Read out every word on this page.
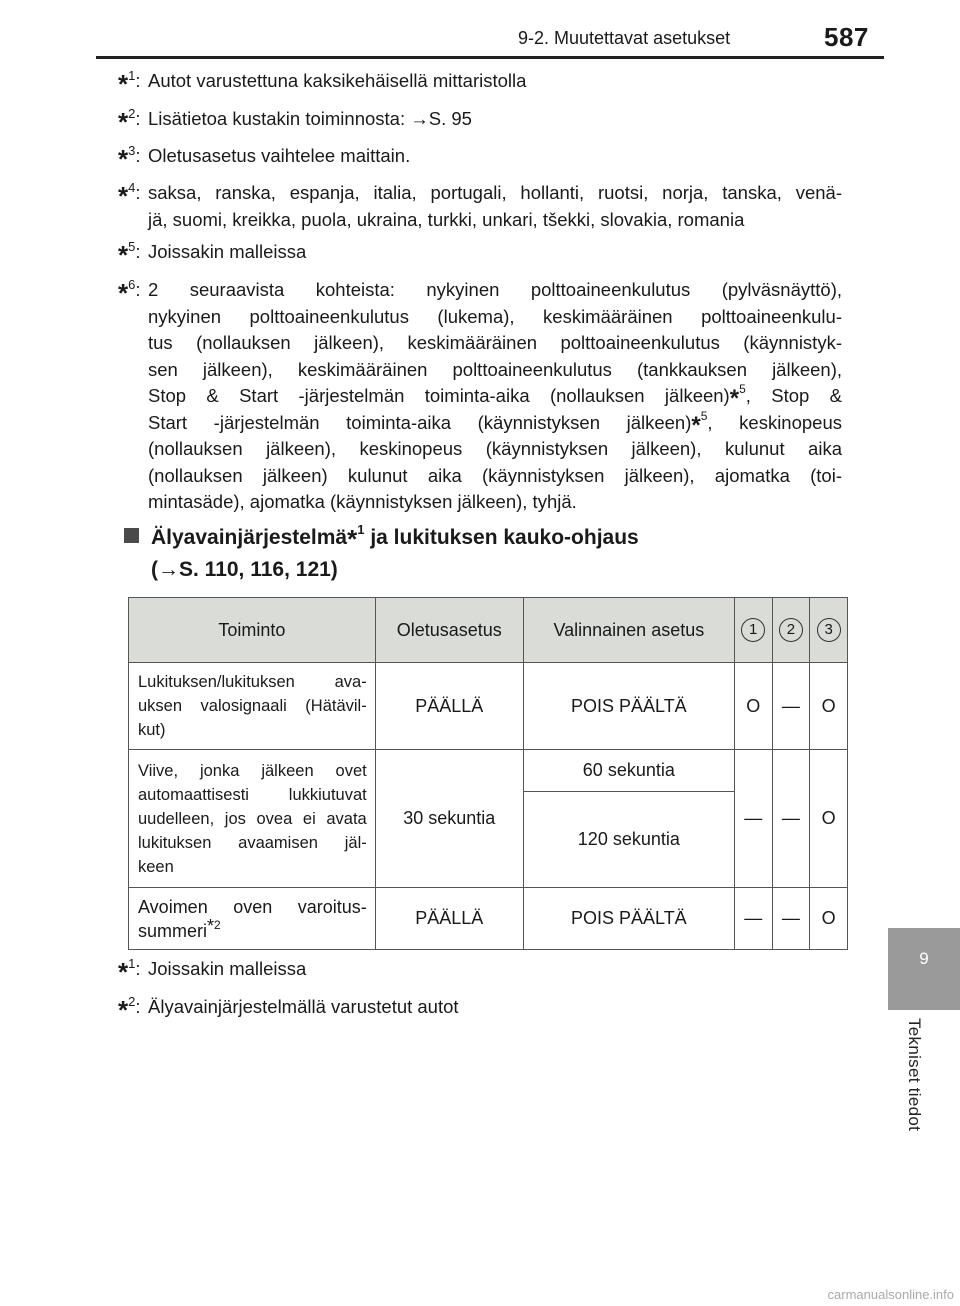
9-2. Muutettavat asetukset	587
9
Tekniset tiedot
*$^1$: Autot varustettuna kaksikehäisellä mittaristolla
*$^2$: Lisätietoa kustakin toiminnosta: →S. 95
*$^3$: Oletusasetus vaihtelee maittain.
*$^4$: saksa, ranska, espanja, italia, portugali, hollanti, ruotsi, norja, tanska, venä-
jä, suomi, kreikka, puola, ukraina, turkki, unkari, tšekki, slovakia, romania
*$^5$: Joissakin malleissa
*$^6$: 2 seuraavista kohteista: nykyinen polttoaineenkulutus (pylväsnäyttö),
nykyinen polttoaineenkulutus (lukema), keskimääräinen polttoaineenkulu-
tus (nollauksen jälkeen), keskimääräinen polttoaineenkulutus (käynnistyk-
sen jälkeen), keskimääräinen polttoaineenkulutus (tankkauksen jälkeen),
Stop & Start -järjestelmän toiminta-aika (nollauksen jälkeen)*$^5$, Stop &
Start -järjestelmän toiminta-aika (käynnistyksen jälkeen)*$^5$, keskinopeus
(nollauksen jälkeen), keskinopeus (käynnistyksen jälkeen), kulunut aika
(nollauksen jälkeen) kulunut aika (käynnistyksen jälkeen), ajomatka (toi-
mintasäde), ajomatka (käynnistyksen jälkeen), tyhjä.
Älyavainjärjestelmä*$^1$ ja lukituksen kauko-ohjaus
(→S. 110, 116, 121)
Toiminto	Oletusasetus	Valinnainen asetus	1	2	3

Lukituksen/lukituksen ava-
uksen valosignaali (Hätävil-
kut)	PÄÄLLÄ	POIS PÄÄLTÄ	O	—	O

Viive, jonka jälkeen ovet
automaattisesti lukkiutuvat
uudelleen, jos ovea ei avata
lukituksen avaamisen jäl-
keen	30 sekuntia	60 sekuntia	—	—	O
		120 sekuntia			

Avoimen oven varoitus-
summeri$^{*2}$	PÄÄLLÄ	POIS PÄÄLTÄ	—	—	O
*$^1$: Joissakin malleissa
*$^2$: Älyavainjärjestelmällä varustetut autot
carmanualsonline.info
